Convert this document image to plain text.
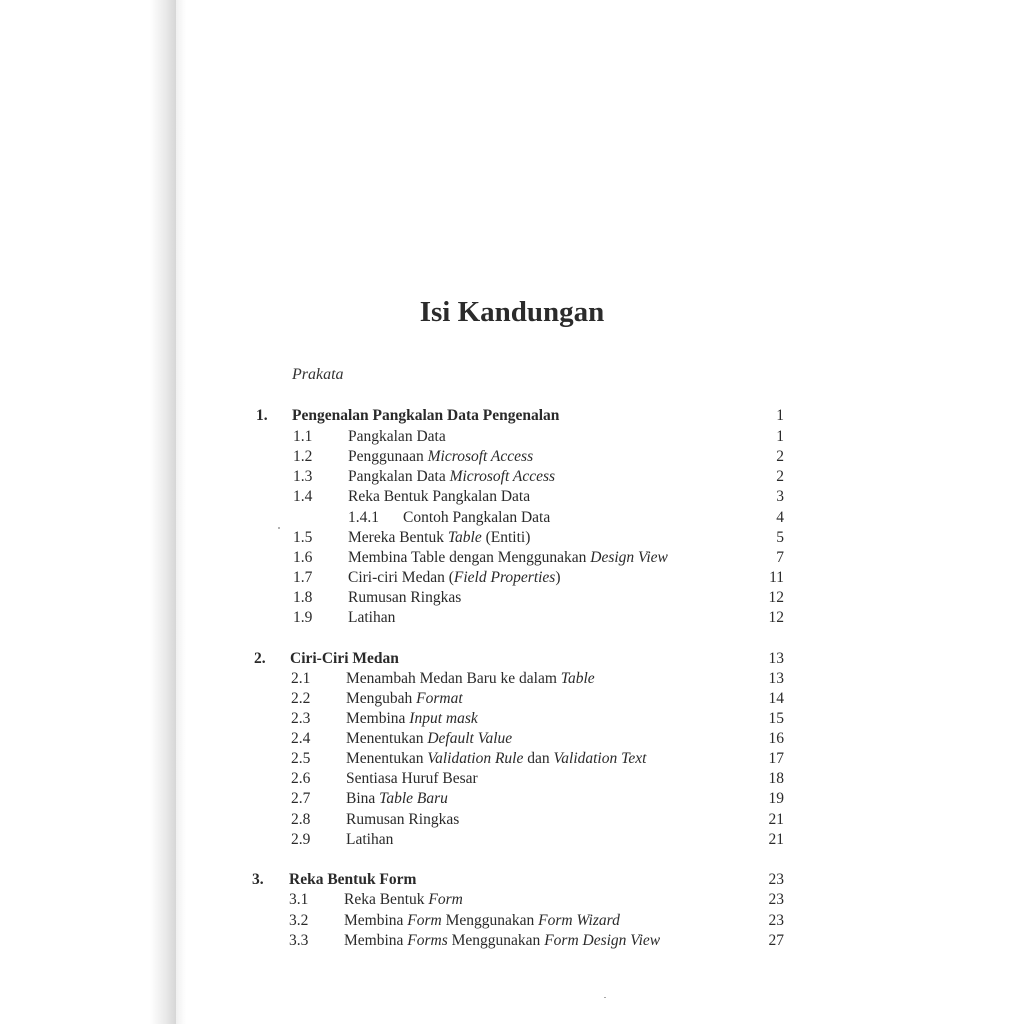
Isi Kandungan
Prakata
1. Pengenalan Pangkalan Data Pengenalan	1
1.1 Pangkalan Data	1
1.2 Penggunaan Microsoft Access	2
1.3 Pangkalan Data Microsoft Access	2
1.4 Reka Bentuk Pangkalan Data	3
1.4.1 Contoh Pangkalan Data	4
1.5 Mereka Bentuk Table (Entiti)	5
1.6 Membina Table dengan Menggunakan Design View	7
1.7 Ciri-ciri Medan (Field Properties)	11
1.8 Rumusan Ringkas	12
1.9 Latihan	12
2. Ciri-Ciri Medan	13
2.1 Menambah Medan Baru ke dalam Table	13
2.2 Mengubah Format	14
2.3 Membina Input mask	15
2.4 Menentukan Default Value	16
2.5 Menentukan Validation Rule dan Validation Text	17
2.6 Sentiasa Huruf Besar	18
2.7 Bina Table Baru	19
2.8 Rumusan Ringkas	21
2.9 Latihan	21
3. Reka Bentuk Form	23
3.1 Reka Bentuk Form	23
3.2 Membina Form Menggunakan Form Wizard	23
3.3 Membina Forms Menggunakan Form Design View	27
